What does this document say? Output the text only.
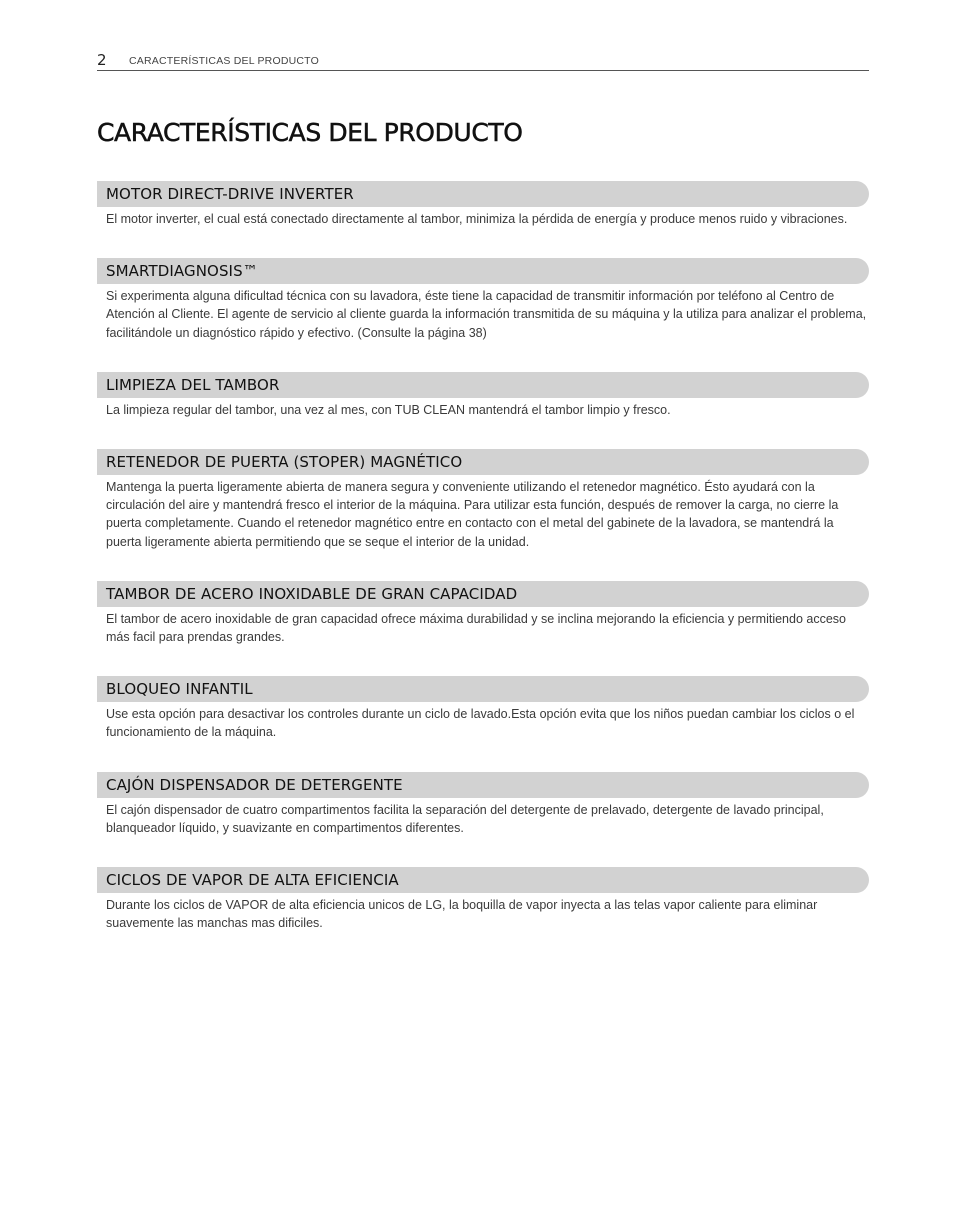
2 CARACTERÍSTICAS DEL PRODUCTO
CARACTERÍSTICAS DEL PRODUCTO
MOTOR DIRECT-DRIVE INVERTER

El motor inverter, el cual está conectado directamente al tambor, minimiza la pérdida de energía y produce menos ruido y vibraciones.

SMARTDIAGNOSIS™

Si experimenta alguna dificultad técnica con su lavadora, éste tiene la capacidad de transmitir información por teléfono al Centro de Atención al Cliente. El agente de servicio al cliente guarda la información transmitida de su máquina y la utiliza para analizar el problema, facilitándole un diagnóstico rápido y efectivo. (Consulte la página 38)

LIMPIEZA DEL TAMBOR

La limpieza regular del tambor, una vez al mes, con TUB CLEAN mantendrá el tambor limpio y fresco.

RETENEDOR DE PUERTA (STOPER) MAGNÉTICO

Mantenga la puerta ligeramente abierta de manera segura y conveniente utilizando el retenedor magnético. Ésto ayudará con la circulación del aire y mantendrá fresco el interior de la máquina. Para utilizar esta función, después de remover la carga, no cierre la puerta completamente. Cuando el retenedor magnético entre en contacto con el metal del gabinete de la lavadora, se mantendrá la puerta ligeramente abierta permitiendo que se seque el interior de la unidad.

TAMBOR DE ACERO INOXIDABLE DE GRAN CAPACIDAD

El tambor de acero inoxidable de gran capacidad ofrece máxima durabilidad y se inclina mejorando la eficiencia y permitiendo acceso más facil para prendas grandes.

BLOQUEO INFANTIL

Use esta opción para desactivar los controles durante un ciclo de lavado.Esta opción evita que los niños puedan cambiar los ciclos o el funcionamiento de la máquina.

CAJÓN DISPENSADOR DE DETERGENTE

El cajón dispensador de cuatro compartimentos facilita la separación del detergente de prelavado, detergente de lavado principal, blanqueador líquido, y suavizante en compartimentos diferentes.

CICLOS DE VAPOR DE ALTA EFICIENCIA

Durante los ciclos de VAPOR de alta eficiencia unicos de LG, la boquilla de vapor inyecta a las telas vapor caliente para eliminar suavemente las manchas mas dificiles.
